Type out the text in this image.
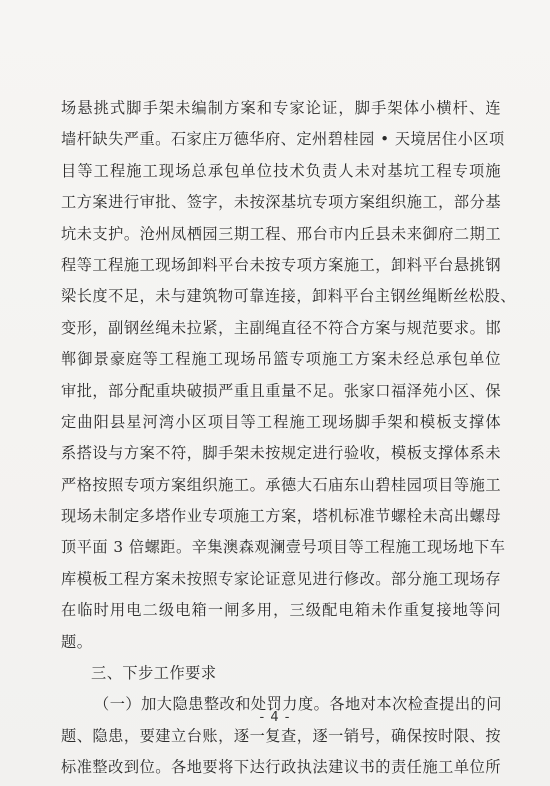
场悬挑式脚手架未编制方案和专家论证，脚手架体小横杆、连
墙杆缺失严重。石家庄万德华府、定州碧桂园 • 天境居住小区项
目等工程施工现场总承包单位技术负责人未对基坑工程专项施
工方案进行审批、签字，未按深基坑专项方案组织施工，部分基
坑未支护。沧州凤栖园三期工程、邢台市内丘县未来御府二期工
程等工程施工现场卸料平台未按专项方案施工，卸料平台悬挑钢
梁长度不足，未与建筑物可靠连接，卸料平台主钢丝绳断丝松股、
变形，副钢丝绳未拉紧，主副绳直径不符合方案与规范要求。邯
郸御景豪庭等工程施工现场吊篮专项施工方案未经总承包单位
审批，部分配重块破损严重且重量不足。张家口福泽苑小区、保
定曲阳县星河湾小区项目等工程施工现场脚手架和模板支撑体
系搭设与方案不符，脚手架未按规定进行验收，模板支撑体系未
严格按照专项方案组织施工。承德大石庙东山碧桂园项目等施工
现场未制定多塔作业专项施工方案，塔机标准节螺栓未高出螺母
顶平面 3 倍螺距。辛集澳森观澜壹号项目等工程施工现场地下车
库模板工程方案未按照专家论证意见进行修改。部分施工现场存
在临时用电二级电箱一闸多用，三级配电箱未作重复接地等问
题。
三、下步工作要求
（一）加大隐患整改和处罚力度。各地对本次检查提出的问
题、隐患，要建立台账，逐一复查，逐一销号，确保按时限、按
标准整改到位。各地要将下达行政执法建议书的责任施工单位所
- 4 -
